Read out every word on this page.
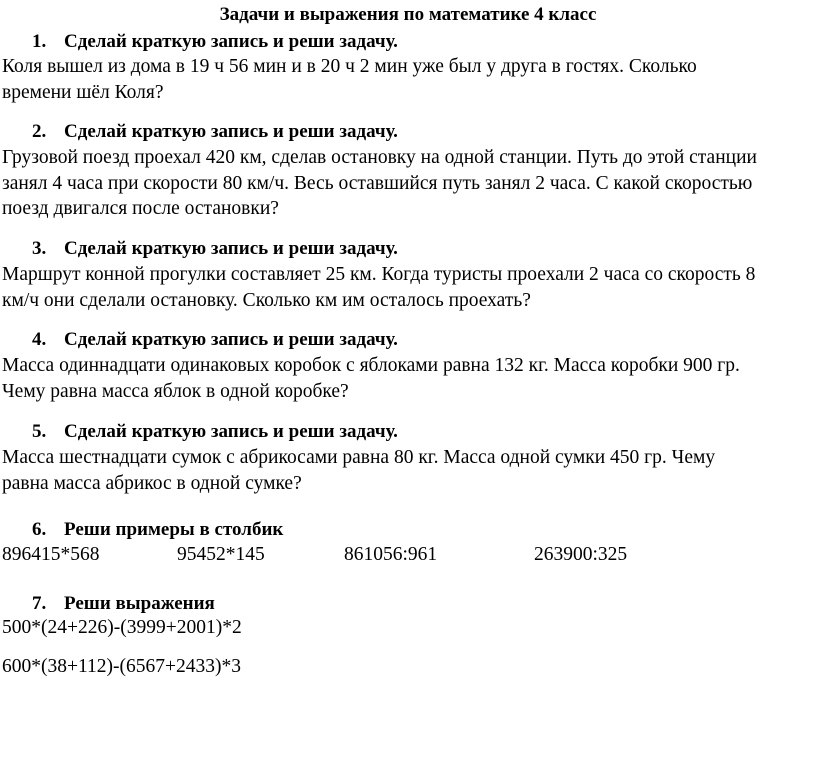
Задачи и выражения по математике 4 класс
1. Сделай краткую запись и реши задачу.
Коля вышел из дома в 19 ч 56 мин и в 20 ч 2 мин уже был у друга в гостях. Сколько
времени шёл Коля?
2. Сделай краткую запись и реши задачу.
Грузовой поезд проехал 420 км, сделав остановку на одной станции. Путь до этой станции
занял 4 часа при скорости 80 км/ч. Весь оставшийся путь занял 2 часа. С какой скоростью
поезд двигался после остановки?
3. Сделай краткую запись и реши задачу.
Маршрут конной прогулки составляет 25 км. Когда туристы проехали 2 часа со скорость 8
км/ч они сделали остановку. Сколько км им осталось проехать?
4. Сделай краткую запись и реши задачу.
Масса одиннадцати одинаковых коробок с яблоками равна 132 кг. Масса коробки 900 гр.
Чему равна масса яблок в одной коробке?
5. Сделай краткую запись и реши задачу.
Масса шестнадцати сумок с абрикосами равна 80 кг. Масса одной сумки 450 гр. Чему
равна масса абрикос в одной сумке?
6. Реши примеры в столбик
896415*568	95452*145	861056:961	263900:325
7. Реши выражения
500*(24+226)-(3999+2001)*2
600*(38+112)-(6567+2433)*3
